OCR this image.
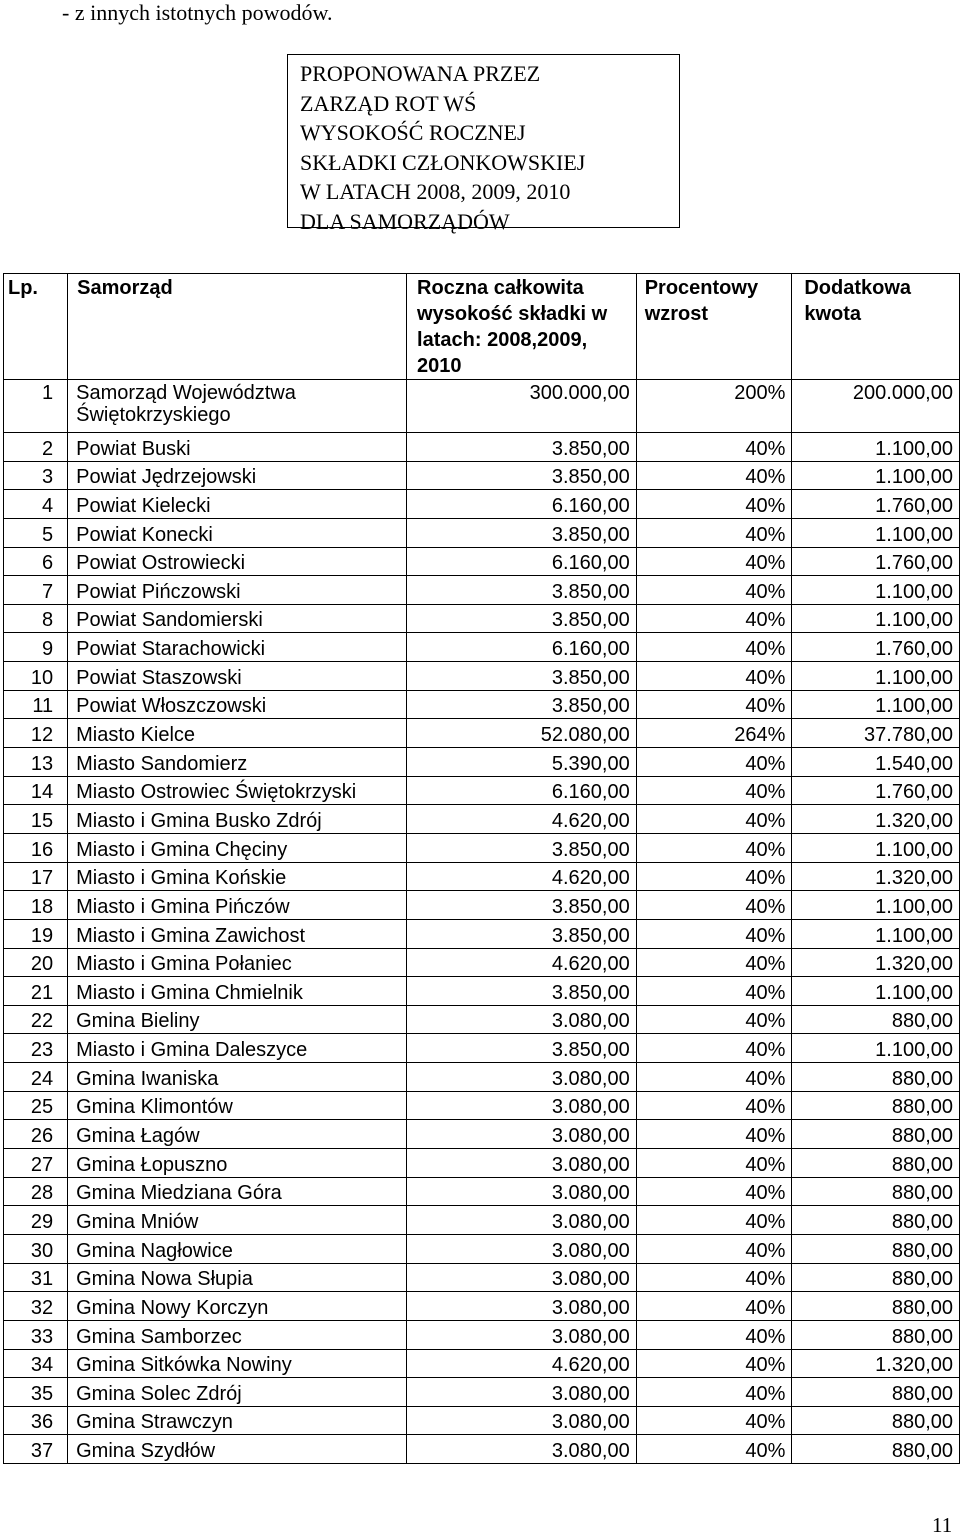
- z innych istotnych powodów.
PROPONOWANA PRZEZ
ZARZĄD ROT WŚ
WYSOKOŚĆ ROCZNEJ
SKŁADKI CZŁONKOWSKIEJ
W LATACH 2008, 2009, 2010
DLA SAMORZĄDÓW
Lp.	Samorząd	Roczna całkowita wysokość składki w latach: 2008,2009, 2010	Procentowy wzrost	Dodatkowa kwota
1	Samorząd Województwa Świętokrzyskiego	300.000,00	200%	200.000,00
2	Powiat Buski	3.850,00	40%	1.100,00
3	Powiat Jędrzejowski	3.850,00	40%	1.100,00
4	Powiat Kielecki	6.160,00	40%	1.760,00
5	Powiat Konecki	3.850,00	40%	1.100,00
6	Powiat Ostrowiecki	6.160,00	40%	1.760,00
7	Powiat Pińczowski	3.850,00	40%	1.100,00
8	Powiat Sandomierski	3.850,00	40%	1.100,00
9	Powiat Starachowicki	6.160,00	40%	1.760,00
10	Powiat Staszowski	3.850,00	40%	1.100,00
11	Powiat Włoszczowski	3.850,00	40%	1.100,00
12	Miasto Kielce	52.080,00	264%	37.780,00
13	Miasto Sandomierz	5.390,00	40%	1.540,00
14	Miasto Ostrowiec Świętokrzyski	6.160,00	40%	1.760,00
15	Miasto i Gmina Busko Zdrój	4.620,00	40%	1.320,00
16	Miasto i Gmina Chęciny	3.850,00	40%	1.100,00
17	Miasto i Gmina Końskie	4.620,00	40%	1.320,00
18	Miasto i Gmina Pińczów	3.850,00	40%	1.100,00
19	Miasto i Gmina Zawichost	3.850,00	40%	1.100,00
20	Miasto i Gmina Połaniec	4.620,00	40%	1.320,00
21	Miasto i Gmina Chmielnik	3.850,00	40%	1.100,00
22	Gmina Bieliny	3.080,00	40%	880,00
23	Miasto i Gmina Daleszyce	3.850,00	40%	1.100,00
24	Gmina Iwaniska	3.080,00	40%	880,00
25	Gmina Klimontów	3.080,00	40%	880,00
26	Gmina Łagów	3.080,00	40%	880,00
27	Gmina Łopuszno	3.080,00	40%	880,00
28	Gmina Miedziana Góra	3.080,00	40%	880,00
29	Gmina Mniów	3.080,00	40%	880,00
30	Gmina Nagłowice	3.080,00	40%	880,00
31	Gmina Nowa Słupia	3.080,00	40%	880,00
32	Gmina Nowy Korczyn	3.080,00	40%	880,00
33	Gmina Samborzec	3.080,00	40%	880,00
34	Gmina Sitkówka Nowiny	4.620,00	40%	1.320,00
35	Gmina Solec Zdrój	3.080,00	40%	880,00
36	Gmina Strawczyn	3.080,00	40%	880,00
37	Gmina Szydłów	3.080,00	40%	880,00
11
